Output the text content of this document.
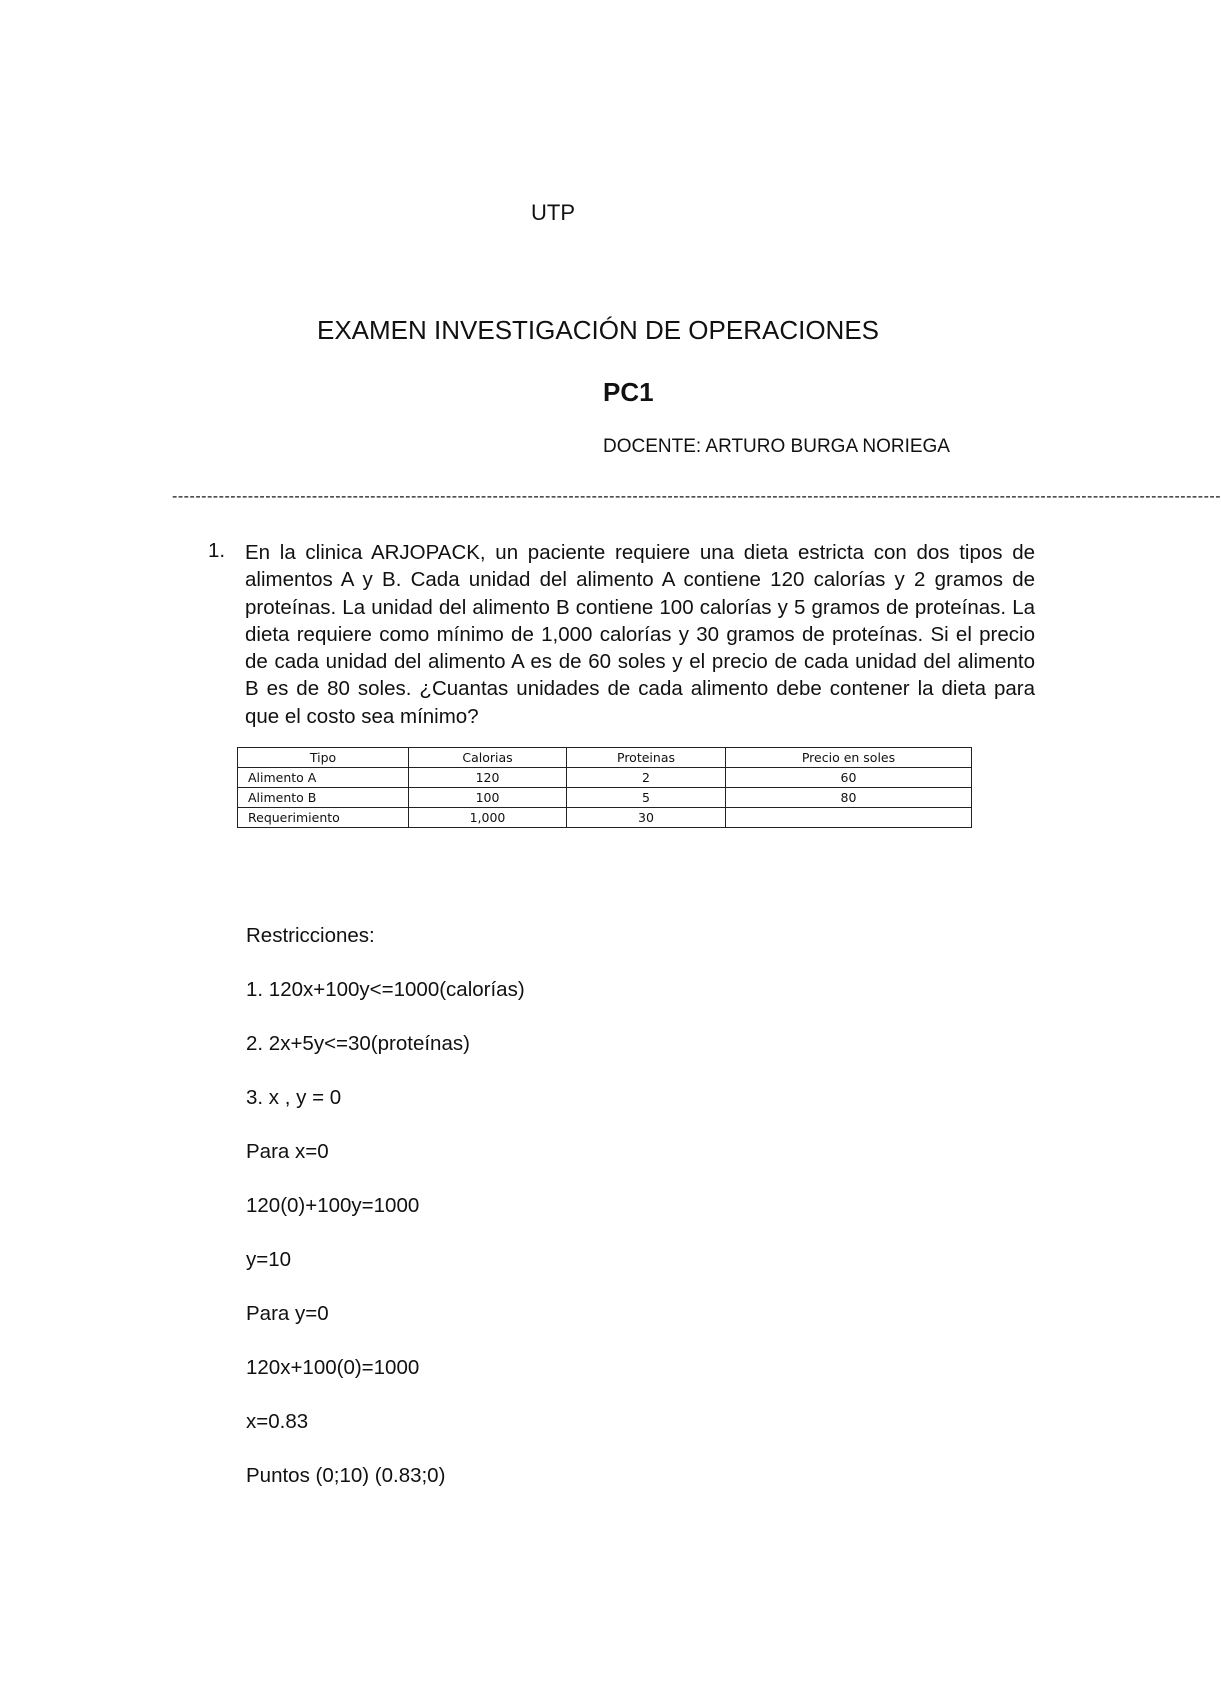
UTP

EXAMEN INVESTIGACIÓN DE OPERACIONES

PC1

DOCENTE: ARTURO BURGA NORIEGA

------------------------------------------------------------------------------------------------------------------------------------------------------------------------------------

1. En la clinica ARJOPACK, un paciente requiere una dieta estricta con dos tipos de alimentos A y B. Cada unidad del alimento A contiene 120 calorías y 2 gramos de proteínas. La unidad del alimento B contiene 100 calorías y 5 gramos de proteínas. La dieta requiere como mínimo de 1,000 calorías y 30 gramos de proteínas. Si el precio de cada unidad del alimento A es de 60 soles y el precio de cada unidad del alimento B es de 80 soles. ¿Cuantas unidades de cada alimento debe contener la dieta para que el costo sea mínimo?

Tipo	Calorias	Proteinas	Precio en soles
Alimento A	120	2	60
Alimento B	100	5	80
Requerimiento	1,000	30	

Restricciones:

1. 120x+100y<=1000(calorías)

2. 2x+5y<=30(proteínas)

3. x , y = 0

Para x=0

120(0)+100y=1000

y=10

Para y=0

120x+100(0)=1000

x=0.83

Puntos (0;10) (0.83;0)
